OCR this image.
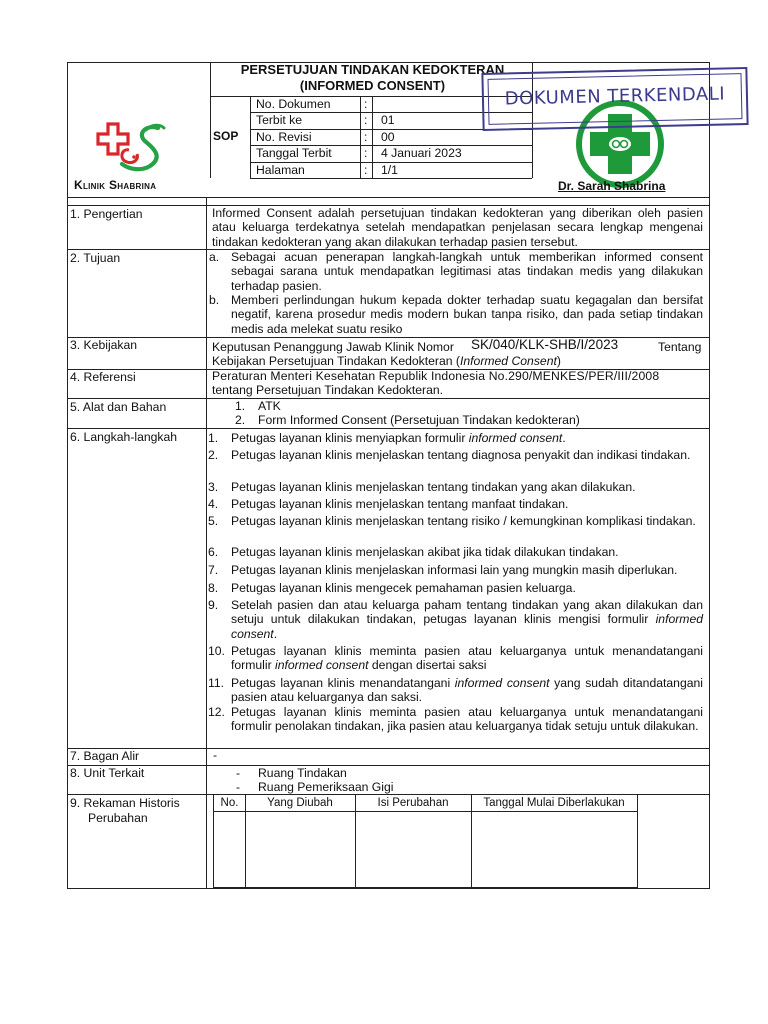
PERSETUJUAN TINDAKAN KEDOKTERAN
(INFORMED CONSENT)
SOP
No. Dokumen	:
Terbit ke	: 01
No. Revisi	: 00
Tanggal Terbit	: 4 Januari 2023
Halaman	: 1/1
Klinik Shabrina	Dr. Sarah Shabrina
DOKUMEN TERKENDALI
1. Pengertian	Informed Consent adalah persetujuan tindakan kedokteran yang diberikan oleh pasien atau keluarga terdekatnya setelah mendapatkan penjelasan secara lengkap mengenai tindakan kedokteran yang akan dilakukan terhadap pasien tersebut.
2. Tujuan	a. Sebagai acuan penerapan langkah-langkah untuk memberikan informed consent sebagai sarana untuk mendapatkan legitimasi atas tindakan medis yang dilakukan terhadap pasien.
b. Memberi perlindungan hukum kepada dokter terhadap suatu kegagalan dan bersifat negatif, karena prosedur medis modern bukan tanpa risiko, dan pada setiap tindakan medis ada melekat suatu resiko
3. Kebijakan	Keputusan Penanggung Jawab Klinik Nomor SK/040/KLK-SHB/I/2023	Tentang
Kebijakan Persetujuan Tindakan Kedokteran (Informed Consent)
4. Referensi	Peraturan Menteri Kesehatan Republik Indonesia No.290/MENKES/PER/III/2008
tentang Persetujuan Tindakan Kedokteran.
5. Alat dan Bahan	1. ATK
2. Form Informed Consent (Persetujuan Tindakan kedokteran)
6. Langkah-langkah	1. Petugas layanan klinis menyiapkan formulir informed consent.
2. Petugas layanan klinis menjelaskan tentang diagnosa penyakit dan indikasi tindakan.
3. Petugas layanan klinis menjelaskan tentang tindakan yang akan dilakukan.
4. Petugas layanan klinis menjelaskan tentang manfaat tindakan.
5. Petugas layanan klinis menjelaskan tentang risiko / kemungkinan komplikasi tindakan.
6. Petugas layanan klinis menjelaskan akibat jika tidak dilakukan tindakan.
7. Petugas layanan klinis menjelaskan informasi lain yang mungkin masih diperlukan.
8. Petugas layanan klinis mengecek pemahaman pasien keluarga.
9. Setelah pasien dan atau keluarga paham tentang tindakan yang akan dilakukan dan setuju untuk dilakukan tindakan, petugas layanan klinis mengisi formulir informed consent.
10. Petugas layanan klinis meminta pasien atau keluarganya untuk menandatangani formulir informed consent dengan disertai saksi
11. Petugas layanan klinis menandatangani informed consent yang sudah ditandatangani pasien atau keluarganya dan saksi.
12. Petugas layanan klinis meminta pasien atau keluarganya untuk menandatangani formulir penolakan tindakan, jika pasien atau keluarganya tidak setuju untuk dilakukan.
7. Bagan Alir	-
8. Unit Terkait	- Ruang Tindakan
- Ruang Pemeriksaan Gigi
9. Rekaman Historis
Perubahan
No.	Yang Diubah	Isi Perubahan	Tanggal Mulai Diberlakukan
